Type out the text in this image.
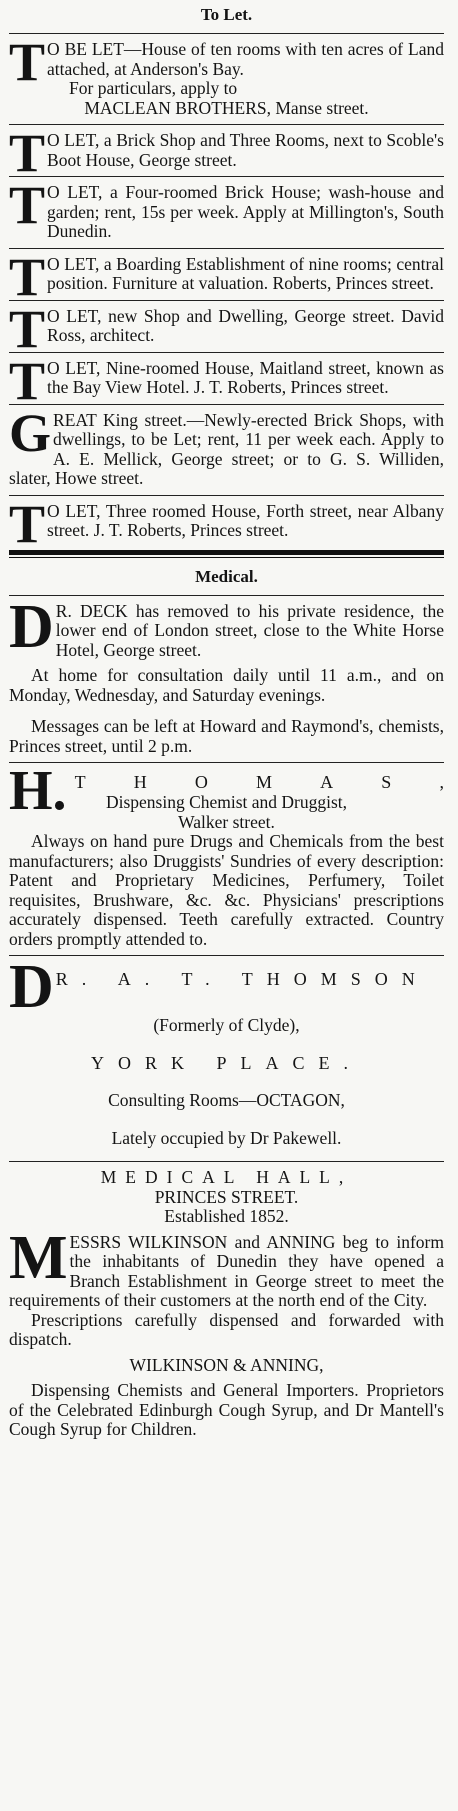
To Let.
T O BE LET—House of ten rooms with ten acres of Land attached, at Anderson's Bay.

For particulars, apply to

MACLEAN BROTHERS, Manse street.

T O LET, a Brick Shop and Three Rooms, next to Scoble's Boot House, George street.

T O LET, a Four-roomed Brick House; wash-house and garden; rent, 15s per week. Apply at Millington's, South Dunedin.

T O LET, a Boarding Establishment of nine rooms; central position. Furniture at valuation. Roberts, Princes street.

T O LET, new Shop and Dwelling, George street. David Ross, architect.

T O LET, Nine-roomed House, Maitland street, known as the Bay View Hotel. J. T. Roberts, Princes street.

G REAT King street.—Newly-erected Brick Shops, with dwellings, to be Let; rent, 11 per week each. Apply to A. E. Mellick, George street; or to G. S. Williden, slater, Howe street.

T O LET, Three roomed House, Forth street, near Albany street. J. T. Roberts, Princes street.

Medical.
D R. DECK has removed to his private residence, the lower end of London street, close to the White Horse Hotel, George street.

At home for consultation daily until 11 a.m., and on Monday, Wednesday, and Saturday evenings.

Messages can be left at Howard and Raymond's, chemists, Princes street, until 2 p.m.

H. T	H	O	M	A	S	,

Dispensing Chemist and Druggist,

Walker street.

Always on hand pure Drugs and Chemicals from the best manufacturers; also Druggists' Sundries of every description: Patent and Proprietary Medicines, Perfumery, Toilet requisites, Brushware, &c. &c. Physicians' prescriptions accurately dispensed. Teeth carefully extracted. Country orders promptly attended to.

D R. A. T. THOMSON

(Formerly of Clyde),

YORK PLACE.

Consulting Rooms—OCTAGON,

Lately occupied by Dr Pakewell.

MEDICAL HALL,

PRINCES STREET.

Established 1852.

M ESSRS WILKINSON and ANNING beg to inform the inhabitants of Dunedin they have opened a Branch Establishment in George street to meet the requirements of their customers at the north end of the City.

Prescriptions carefully dispensed and forwarded with dispatch.

WILKINSON & ANNING,

Dispensing Chemists and General Importers. Proprietors of the Celebrated Edinburgh Cough Syrup, and Dr Mantell's Cough Syrup for Children.
